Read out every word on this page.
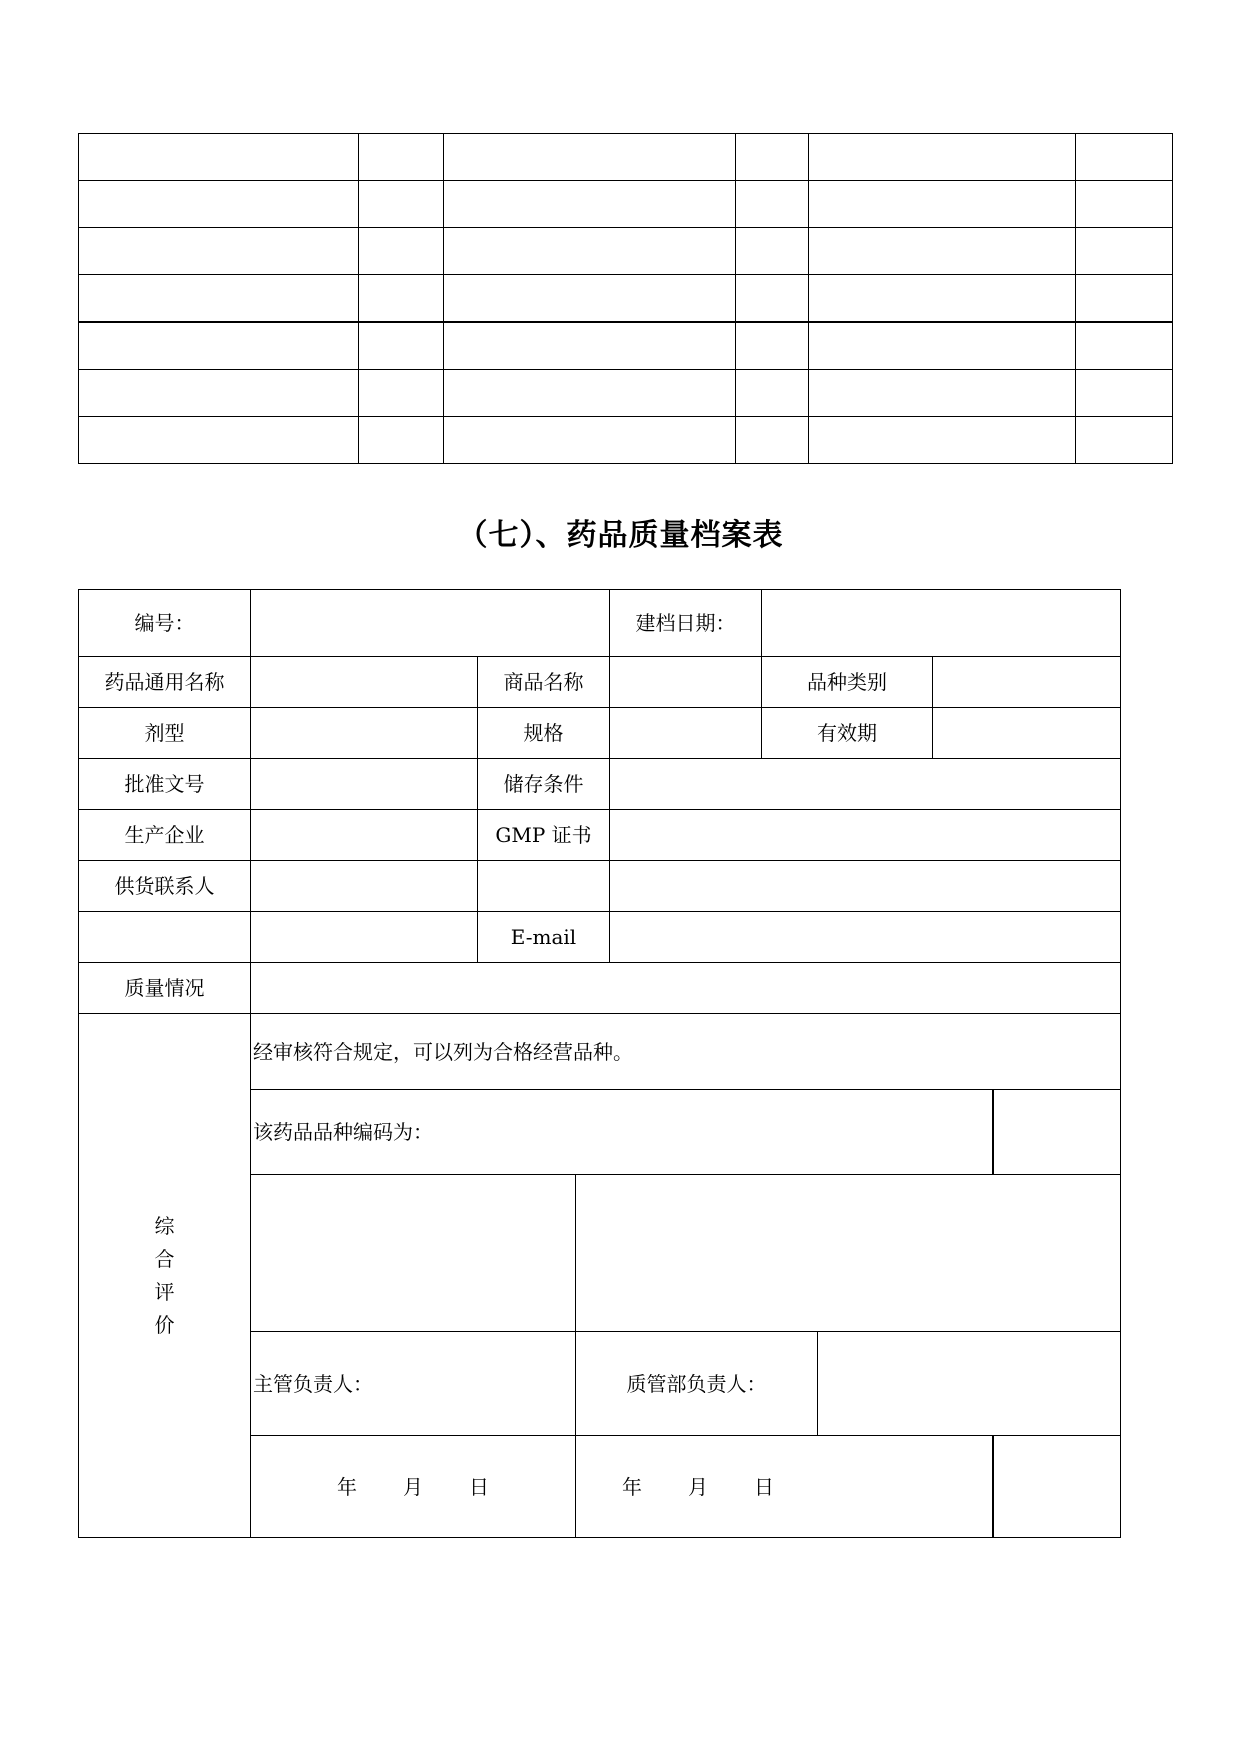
（七）、药品质量档案表
编号：				建档日期：				
药品通用名称		商品名称			品种类别			
剂型		规格			有效期			
批准文号		储存条件						
生产企业		GMP 证书						
供货联系人								
		E-mail						
质量情况								

综
合
评
价	经审核符合规定，可以列为合格经营品种。							
	该药品品种编码为：							

	主管负责人：		质管部负责人：					
	年 月 日		年 月 日					
